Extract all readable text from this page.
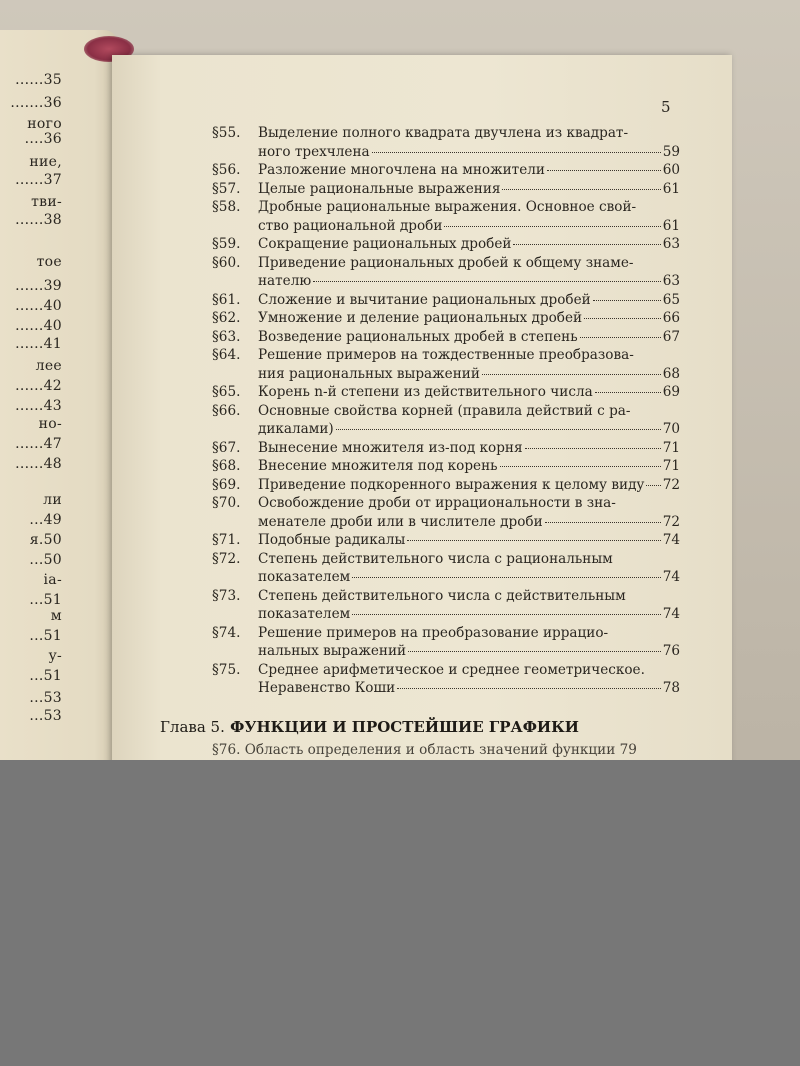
......35
.......36
ного
....36
ние,
......37
тви-
......38
тое
......39
......40
......40
......41
лее
......42
......43
но-
......47
......48
ли
...49
я.50
...50
ia-
...51
м
...51
y-
...51
...53
...53
5
§55. Выделение полного квадрата двучлена из квадрат-
ного трехчлена	59
§56. Разложение многочлена на множители	60
§57. Целые рациональные выражения	61
§58. Дробные рациональные выражения. Основное свой-
ство рациональной дроби	61
§59. Сокращение рациональных дробей	63
§60. Приведение рациональных дробей к общему знаме-
нателю	63
§61. Сложение и вычитание рациональных дробей	65
§62. Умножение и деление рациональных дробей	66
§63. Возведение рациональных дробей в степень	67
§64. Решение примеров на тождественные преобразова-
ния рациональных выражений	68
§65. Корень n-й степени из действительного числа	69
§66. Основные свойства корней (правила действий с ра-
дикалами)	70
§67. Вынесение множителя из-под корня	71
§68. Внесение множителя под корень	71
§69. Приведение подкоренного выражения к целому виду 72
§70. Освобождение дроби от иррациональности в зна-
менателе дроби или в числителе дроби	72
§71. Подобные радикалы	74
§72. Степень действительного числа с рациональным
показателем	74
§73. Степень действительного числа с действительным
показателем	74
§74. Решение примеров на преобразование иррацио-
нальных выражений	76
§75. Среднее арифметическое и среднее геометрическое.
Неравенство Коши	78
Глава 5. ФУНКЦИИ И ПРОСТЕЙШИЕ ГРАФИКИ
§76. Область определения и область значений функции 79
